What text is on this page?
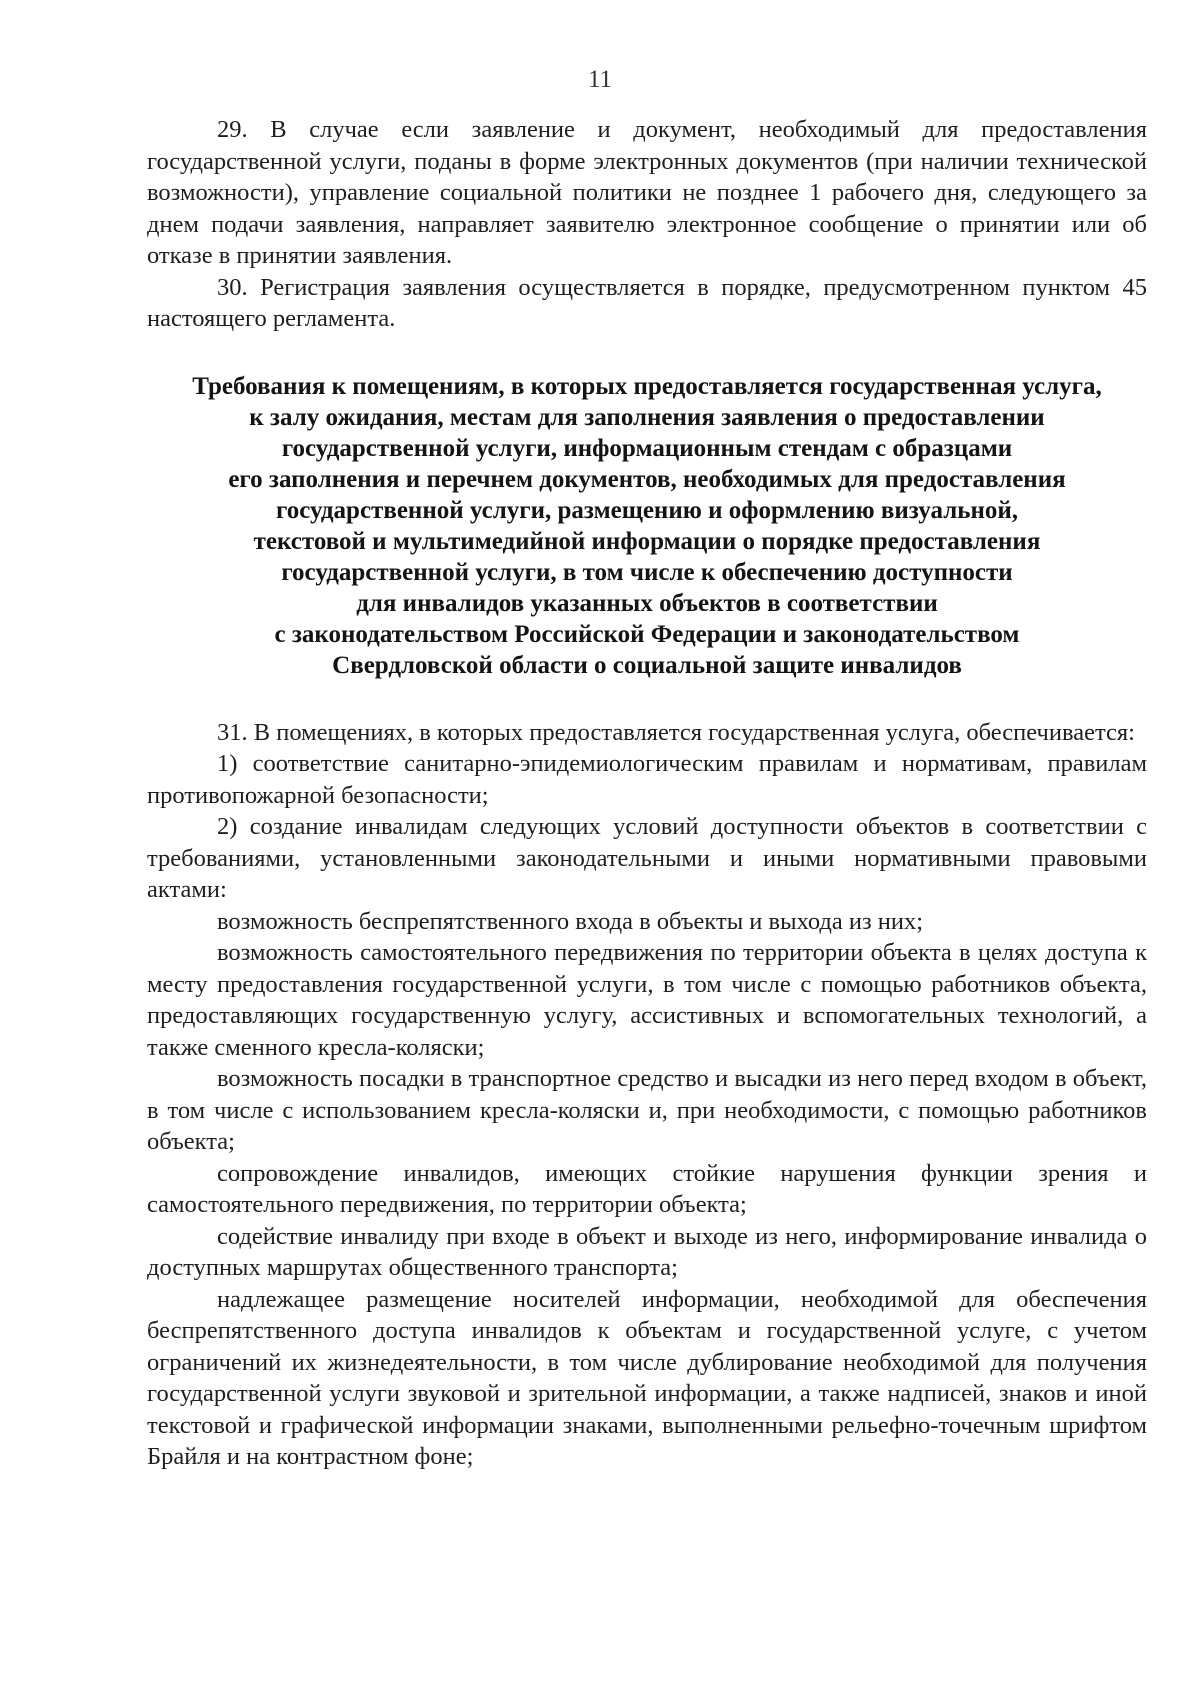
11

29. В случае если заявление и документ, необходимый для предоставления государственной услуги, поданы в форме электронных документов (при наличии технической возможности), управление социальной политики не позднее 1 рабочего дня, следующего за днем подачи заявления, направляет заявителю электронное сообщение о принятии или об отказе в принятии заявления.

30. Регистрация заявления осуществляется в порядке, предусмотренном пунктом 45 настоящего регламента.

Требования к помещениям, в которых предоставляется государственная услуга,
к залу ожидания, местам для заполнения заявления о предоставлении
государственной услуги, информационным стендам с образцами
его заполнения и перечнем документов, необходимых для предоставления
государственной услуги, размещению и оформлению визуальной,
текстовой и мультимедийной информации о порядке предоставления
государственной услуги, в том числе к обеспечению доступности
для инвалидов указанных объектов в соответствии
с законодательством Российской Федерации и законодательством
Свердловской области о социальной защите инвалидов

31. В помещениях, в которых предоставляется государственная услуга, обеспечивается:

1) соответствие санитарно-эпидемиологическим правилам и нормативам, правилам противопожарной безопасности;

2) создание инвалидам следующих условий доступности объектов в соответствии с требованиями, установленными законодательными и иными нормативными правовыми актами:

возможность беспрепятственного входа в объекты и выхода из них;

возможность самостоятельного передвижения по территории объекта в целях доступа к месту предоставления государственной услуги, в том числе с помощью работников объекта, предоставляющих государственную услугу, ассистивных и вспомогательных технологий, а также сменного кресла-коляски;

возможность посадки в транспортное средство и высадки из него перед входом в объект, в том числе с использованием кресла-коляски и, при необходимости, с помощью работников объекта;

сопровождение инвалидов, имеющих стойкие нарушения функции зрения и самостоятельного передвижения, по территории объекта;

содействие инвалиду при входе в объект и выходе из него, информирование инвалида о доступных маршрутах общественного транспорта;

надлежащее размещение носителей информации, необходимой для обеспечения беспрепятственного доступа инвалидов к объектам и государственной услуге, с учетом ограничений их жизнедеятельности, в том числе дублирование необходимой для получения государственной услуги звуковой и зрительной информации, а также надписей, знаков и иной текстовой и графической информации знаками, выполненными рельефно-точечным шрифтом Брайля и на контрастном фоне;
